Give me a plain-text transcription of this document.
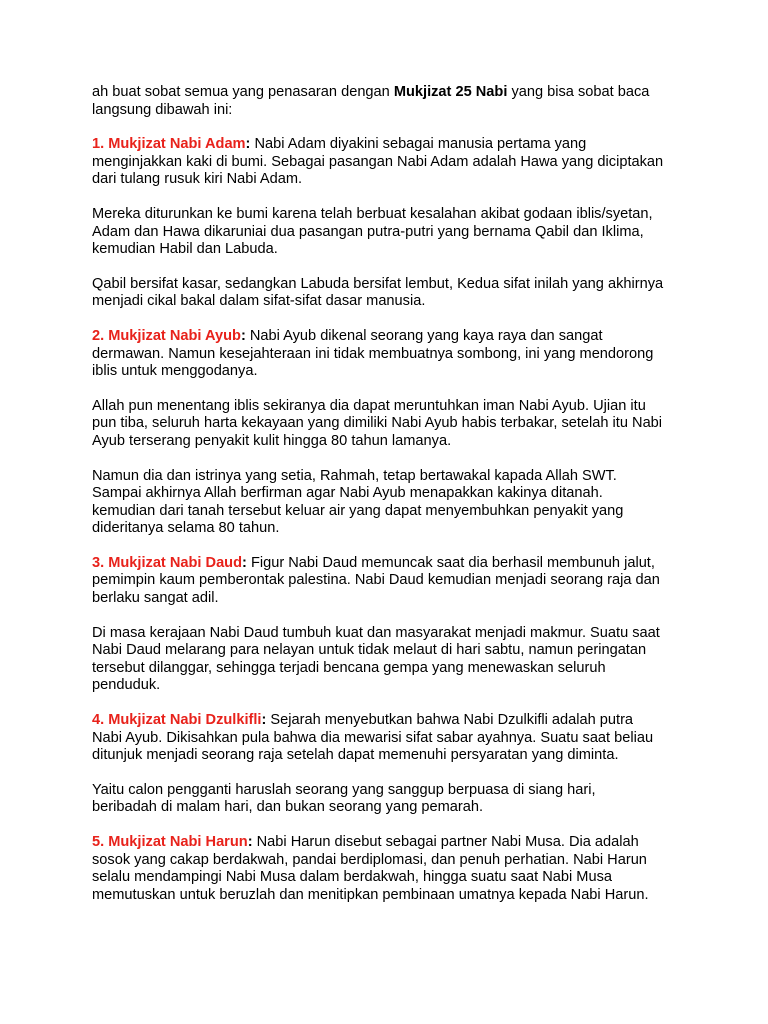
ah buat sobat semua yang penasaran dengan Mukjizat 25 Nabi yang bisa sobat baca
langsung dibawah ini:
1. Mukjizat Nabi Adam: Nabi Adam diyakini sebagai manusia pertama yang
menginjakkan kaki di bumi. Sebagai pasangan Nabi Adam adalah Hawa yang diciptakan
dari tulang rusuk kiri Nabi Adam.
Mereka diturunkan ke bumi karena telah berbuat kesalahan akibat godaan iblis/syetan,
Adam dan Hawa dikaruniai dua pasangan putra-putri yang bernama Qabil dan Iklima,
kemudian Habil dan Labuda.
Qabil bersifat kasar, sedangkan Labuda bersifat lembut, Kedua sifat inilah yang akhirnya
menjadi cikal bakal dalam sifat-sifat dasar manusia.
2. Mukjizat Nabi Ayub: Nabi Ayub dikenal seorang yang kaya raya dan sangat
dermawan. Namun kesejahteraan ini tidak membuatnya sombong, ini yang mendorong
iblis untuk menggodanya.
Allah pun menentang iblis sekiranya dia dapat meruntuhkan iman Nabi Ayub. Ujian itu
pun tiba, seluruh harta kekayaan yang dimiliki Nabi Ayub habis terbakar, setelah itu Nabi
Ayub terserang penyakit kulit hingga 80 tahun lamanya.
Namun dia dan istrinya yang setia, Rahmah, tetap bertawakal kapada Allah SWT.
Sampai akhirnya Allah berfirman agar Nabi Ayub menapakkan kakinya ditanah.
kemudian dari tanah tersebut keluar air yang dapat menyembuhkan penyakit yang
dideritanya selama 80 tahun.
3. Mukjizat Nabi Daud: Figur Nabi Daud memuncak saat dia berhasil membunuh jalut,
pemimpin kaum pemberontak palestina. Nabi Daud kemudian menjadi seorang raja dan
berlaku sangat adil.
Di masa kerajaan Nabi Daud tumbuh kuat dan masyarakat menjadi makmur. Suatu saat
Nabi Daud melarang para nelayan untuk tidak melaut di hari sabtu, namun peringatan
tersebut dilanggar, sehingga terjadi bencana gempa yang menewaskan seluruh
penduduk.
4. Mukjizat Nabi Dzulkifli: Sejarah menyebutkan bahwa Nabi Dzulkifli adalah putra
Nabi Ayub. Dikisahkan pula bahwa dia mewarisi sifat sabar ayahnya. Suatu saat beliau
ditunjuk menjadi seorang raja setelah dapat memenuhi persyaratan yang diminta.
Yaitu calon pengganti haruslah seorang yang sanggup berpuasa di siang hari,
beribadah di malam hari, dan bukan seorang yang pemarah.
5. Mukjizat Nabi Harun: Nabi Harun disebut sebagai partner Nabi Musa. Dia adalah
sosok yang cakap berdakwah, pandai berdiplomasi, dan penuh perhatian. Nabi Harun
selalu mendampingi Nabi Musa dalam berdakwah, hingga suatu saat Nabi Musa
memutuskan untuk beruzlah dan menitipkan pembinaan umatnya kepada Nabi Harun.
